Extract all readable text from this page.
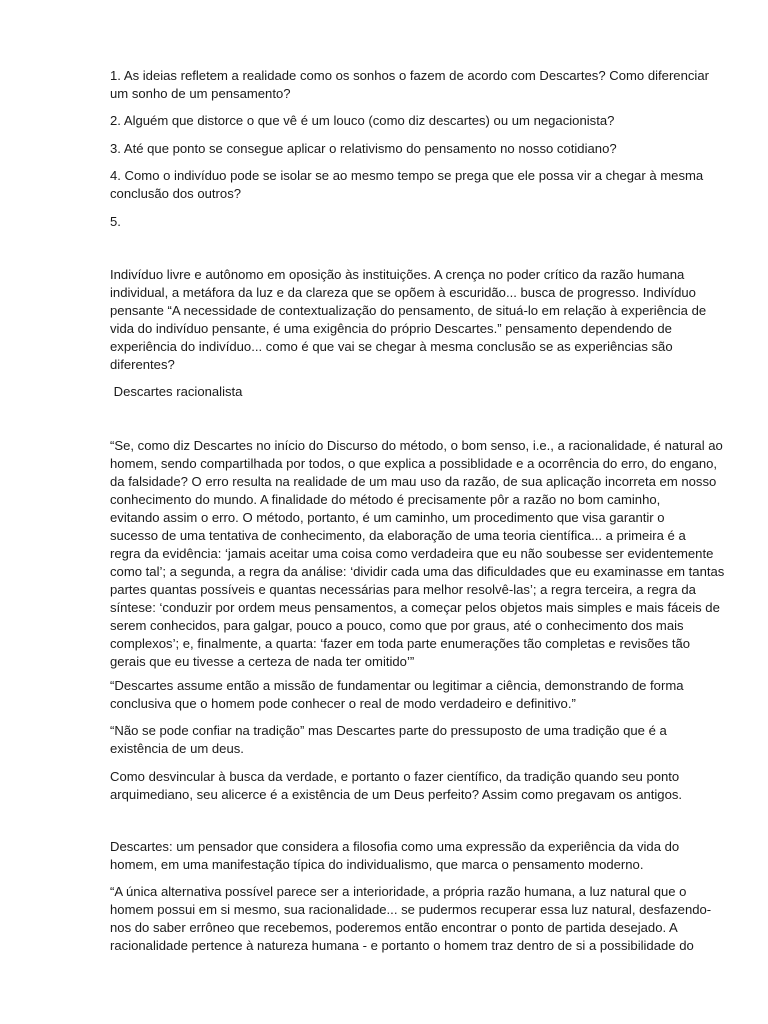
1. As ideias refletem a realidade como os sonhos o fazem de acordo com Descartes? Como diferenciar
um sonho de um pensamento?
2. Alguém que distorce o que vê é um louco (como diz descartes) ou um negacionista?
3. Até que ponto se consegue aplicar o relativismo do pensamento no nosso cotidiano?
4. Como o indivíduo pode se isolar se ao mesmo tempo se prega que ele possa vir a chegar à mesma
conclusão dos outros?
5.
Indivíduo livre e autônomo em oposição às instituições. A crença no poder crítico da razão humana
individual, a metáfora da luz e da clareza que se opõem à escuridão... busca de progresso. Indivíduo
pensante “A necessidade de contextualização do pensamento, de situá-lo em relação à experiência de
vida do indivíduo pensante, é uma exigência do próprio Descartes.” pensamento dependendo de
experiência do indivíduo... como é que vai se chegar à mesma conclusão se as experiências são
diferentes?
Descartes racionalista
“Se, como diz Descartes no início do Discurso do método, o bom senso, i.e., a racionalidade, é natural ao
homem, sendo compartilhada por todos, o que explica a possiblidade e a ocorrência do erro, do engano,
da falsidade? O erro resulta na realidade de um mau uso da razão, de sua aplicação incorreta em nosso
conhecimento do mundo. A finalidade do método é precisamente pôr a razão no bom caminho,
evitando assim o erro. O método, portanto, é um caminho, um procedimento que visa garantir o
sucesso de uma tentativa de conhecimento, da elaboração de uma teoria científica... a primeira é a
regra da evidência: ‘jamais aceitar uma coisa como verdadeira que eu não soubesse ser evidentemente
como tal’; a segunda, a regra da análise: ‘dividir cada uma das dificuldades que eu examinasse em tantas
partes quantas possíveis e quantas necessárias para melhor resolvê-las’; a regra terceira, a regra da
síntese: ‘conduzir por ordem meus pensamentos, a começar pelos objetos mais simples e mais fáceis de
serem conhecidos, para galgar, pouco a pouco, como que por graus, até o conhecimento dos mais
complexos’; e, finalmente, a quarta: ‘fazer em toda parte enumerações tão completas e revisões tão
gerais que eu tivesse a certeza de nada ter omitido’”
“Descartes assume então a missão de fundamentar ou legitimar a ciência, demonstrando de forma
conclusiva que o homem pode conhecer o real de modo verdadeiro e definitivo.”
“Não se pode confiar na tradição” mas Descartes parte do pressuposto de uma tradição que é a
existência de um deus.
Como desvincular à busca da verdade, e portanto o fazer científico, da tradição quando seu ponto
arquimediano, seu alicerce é a existência de um Deus perfeito? Assim como pregavam os antigos.
Descartes: um pensador que considera a filosofia como uma expressão da experiência da vida do
homem, em uma manifestação típica do individualismo, que marca o pensamento moderno.
“A única alternativa possível parece ser a interioridade, a própria razão humana, a luz natural que o
homem possui em si mesmo, sua racionalidade... se pudermos recuperar essa luz natural, desfazendo-
nos do saber errôneo que recebemos, poderemos então encontrar o ponto de partida desejado. A
racionalidade pertence à natureza humana - e portanto o homem traz dentro de si a possibilidade do
